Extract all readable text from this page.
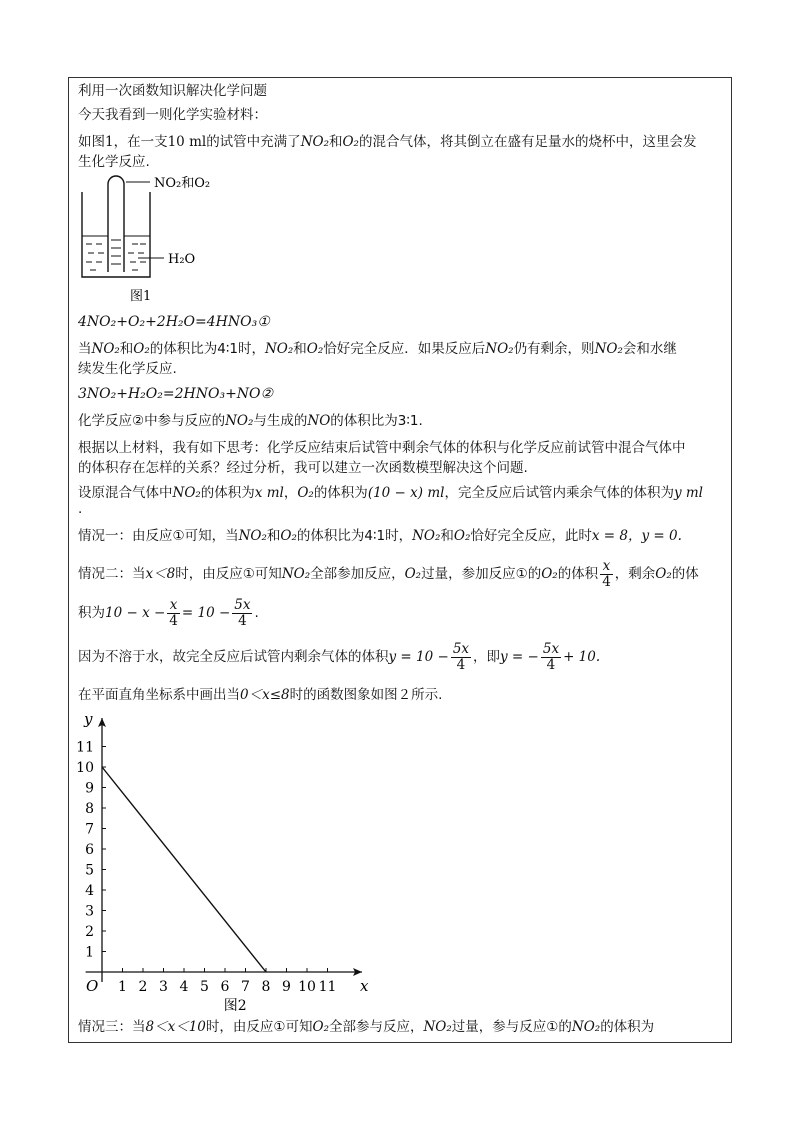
利用一次函数知识解决化学问题
今天我看到一则化学实验材料：
如图1，在一支10 ml的试管中充满了NO₂和O₂的混合气体，将其倒立在盛有足量水的烧杯中，这里会发
生化学反应.
NO₂和O₂
H₂O
图1
4NO₂+O₂+2H₂O=4HNO₃①
当NO₂和O₂的体积比为4∶1时，NO₂和O₂恰好完全反应．如果反应后NO₂仍有剩余，则NO₂会和水继
续发生化学反应.
3NO₂+H₂O₂=2HNO₃+NO②
化学反应②中参与反应的NO₂与生成的NO的体积比为3∶1.
根据以上材料，我有如下思考：化学反应结束后试管中剩余气体的体积与化学反应前试管中混合气体中
的体积存在怎样的关系？经过分析，我可以建立一次函数模型解决这个问题.
设原混合气体中NO₂的体积为x ml，O₂的体积为(10 − x) ml，完全反应后试管内乘余气体的体积为y ml
.
情况一：由反应①可知，当NO₂和O₂的体积比为4∶1时，NO₂和O₂恰好完全反应，此时x = 8，y = 0.
情况二：当x＜8时，由反应①可知NO₂全部参加反应，O₂过量，参加反应①的O₂的体积 $\frac{x}{4}$ ，剩余O₂的体
积为$10 - x - \frac{x}{4} = 10 - \frac{5x}{4}$ .
因为不溶于水，故完全反应后试管内剩余气体的体积$y = 10 - \frac{5x}{4}$ ，即y = − $\frac{5x}{4} + 10$.
在平面直角坐标系中画出当0＜x≤8时的函数图象如图２所示.
1 2 3 4 5 6 7 8 9 10 11
1
2
3
4
5
6
7
8
9
10
11
x
y
O
图2
情况三：当8＜x＜10时，由反应①可知O₂全部参与反应，NO₂过量，参与反应①的NO₂的体积为
